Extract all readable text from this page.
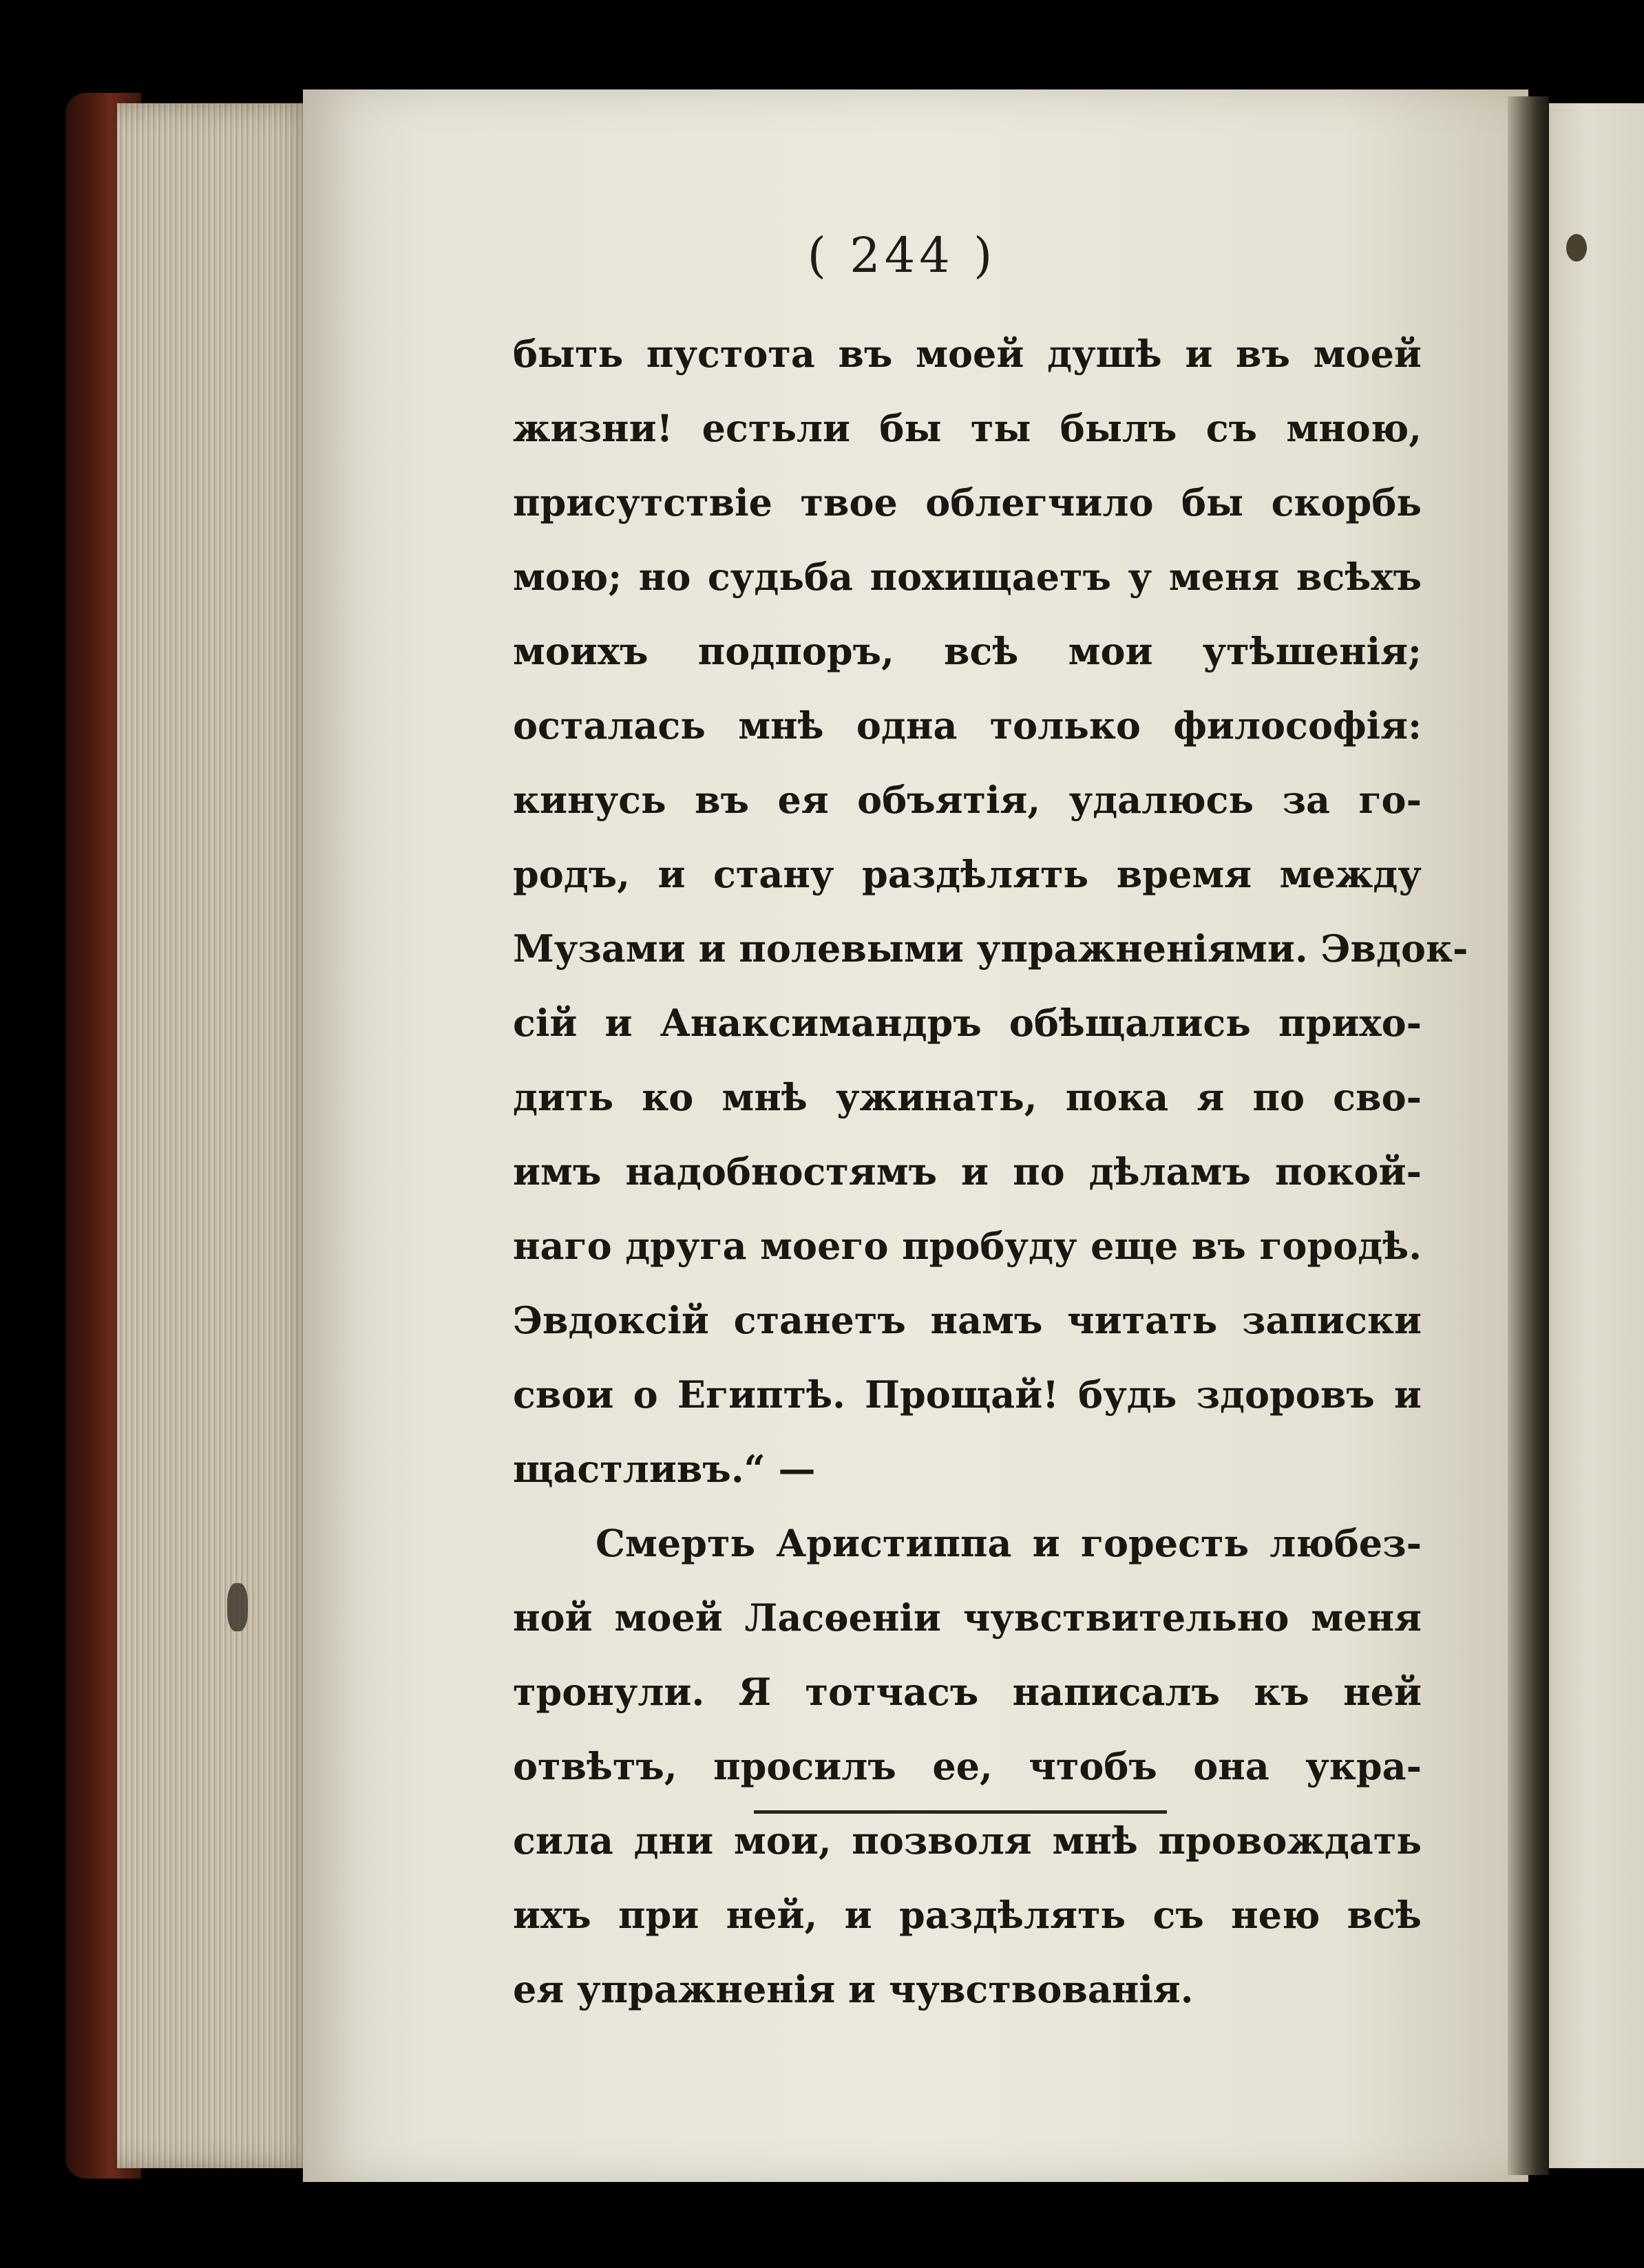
( 244 )
быть пустота въ моей душѣ и въ моей
жизни! естьли бы ты былъ съ мною,
присутствіе твое облегчило бы скорбь
мою; но судьба похищаетъ у меня всѣхъ
моихъ подпоръ, всѣ мои утѣшенія;
осталась мнѣ одна только философія:
кинусь въ ея объятія, удалюсь за го-
родъ, и стану раздѣлять время между
Музами и полевыми упражненіями. Эвдок-
сій и Анаксимандръ обѣщались прихо-
дить ко мнѣ ужинать, пока я по сво-
имъ надобностямъ и по дѣламъ покой-
наго друга моего пробуду еще въ городѣ.
Эвдоксій станетъ намъ читать записки
свои о Египтѣ. Прощай! будь здоровъ и
щастливъ.“ —
Смерть Аристиппа и горесть любез-
ной моей Ласѳеніи чувствительно меня
тронули. Я тотчасъ написалъ къ ней
отвѣтъ, просилъ ее, чтобъ она укра-
сила дни мои, позволя мнѣ провождать
ихъ при ней, и раздѣлять съ нею всѣ
ея упражненія и чувствованія.
